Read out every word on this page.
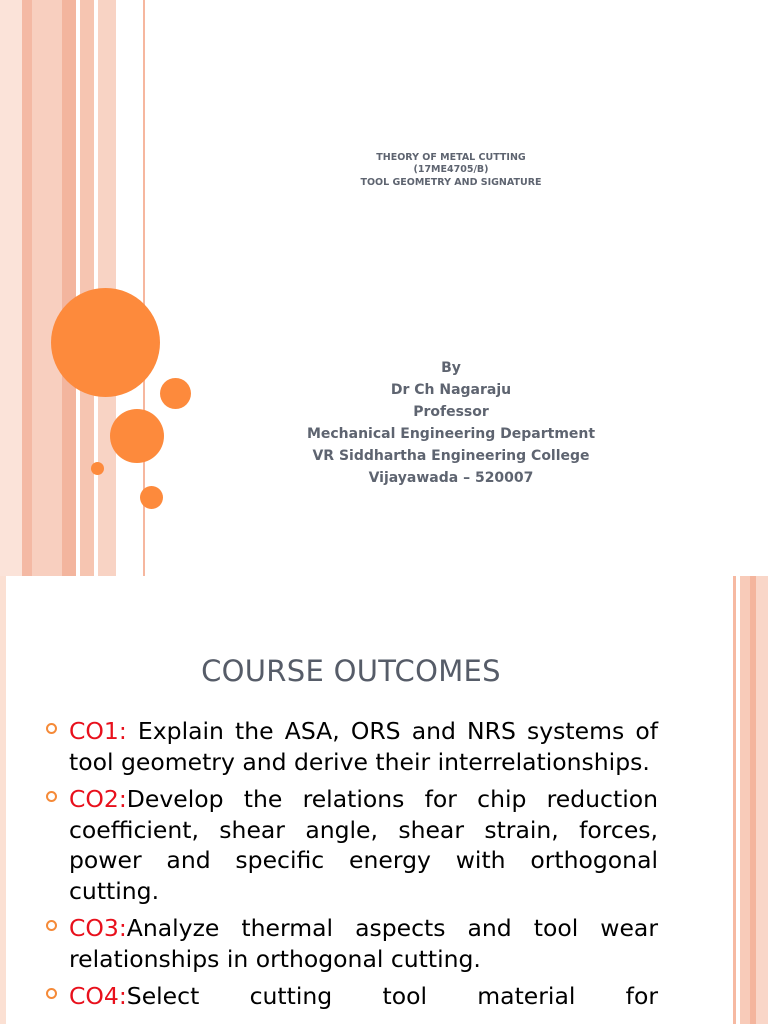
THEORY OF METAL CUTTING
(17ME4705/B)
TOOL GEOMETRY AND SIGNATURE
By
Dr Ch Nagaraju
Professor
Mechanical Engineering Department
VR Siddhartha Engineering College
Vijayawada – 520007
COURSE OUTCOMES
CO1: Explain the ASA, ORS and NRS systems of tool geometry and derive their interrelationships.
CO2:Develop the relations for chip reduction coefficient, shear angle, shear strain, forces, power and specific energy with orthogonal cutting.
CO3:Analyze thermal aspects and tool wear relationships in orthogonal cutting.
CO4:Select cutting tool material for
